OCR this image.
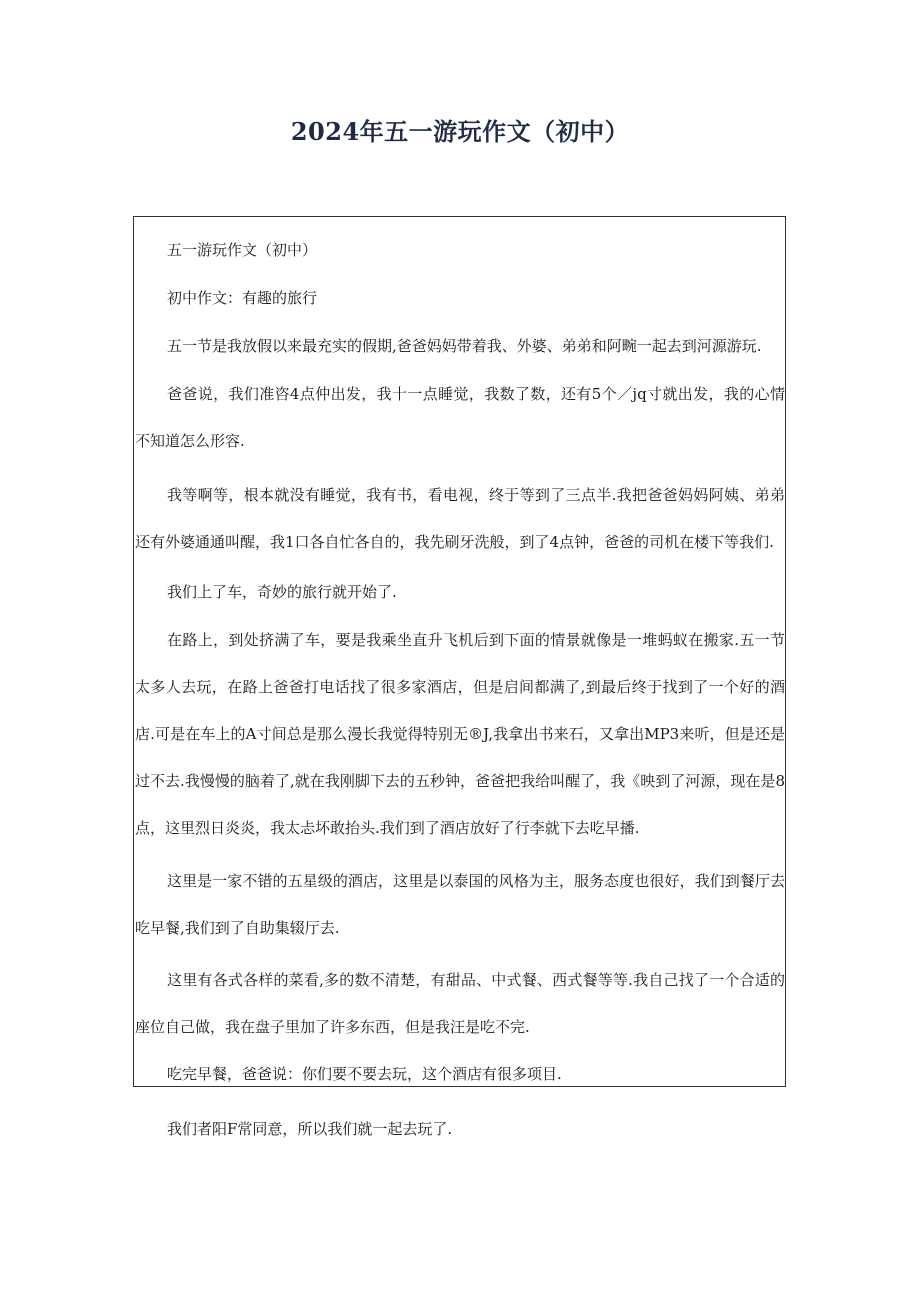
2024年五一游玩作文（初中）

五一游玩作文（初中）

初中作文：有趣的旅行

五一节是我放假以来最充实的假期,爸爸妈妈带着我、外婆、弟弟和阿畹一起去到河源游玩.

爸爸说，我们准咨4点仲出发，我十一点睡觉，我数了数，还有5个／jq寸就出发，我的心情不知道怎么形容.

我等啊等，根本就没有睡觉，我有书，看电视，终于等到了三点半.我把爸爸妈妈阿姨、弟弟还有外婆通通叫醒，我1口各自忙各自的，我先刷牙洗般，到了4点钟，爸爸的司机在楼下等我们.

我们上了车，奇妙的旅行就开始了.

在路上，到处挤满了车，要是我乘坐直升飞机后到下面的情景就像是一堆蚂蚁在搬家.五一节太多人去玩，在路上爸爸打电话找了很多家酒店，但是启间都满了,到最后终于找到了一个好的酒店.可是在车上的A寸间总是那么漫长我觉得特别无®J,我拿出书来石，又拿出MP3来听，但是还是过不去.我慢慢的脑着了,就在我刚脚下去的五秒钟，爸爸把我给叫醒了，我《映到了河源，现在是8点，这里烈日炎炎，我太忐坏敢抬头.我们到了酒店放好了行李就下去吃早播.

这里是一家不错的五星级的酒店，这里是以泰国的风格为主，服务态度也很好，我们到餐厅去吃早餐,我们到了自助集辍厅去.

这里有各式各样的菜看,多的数不清楚，有甜品、中式餐、西式餐等等.我自己找了一个合适的座位自己做，我在盘子里加了许多东西，但是我汪是吃不完.

吃完早餐，爸爸说：你们要不要去玩，这个酒店有很多项目.

我们者阳F常同意，所以我们就一起去玩了.
